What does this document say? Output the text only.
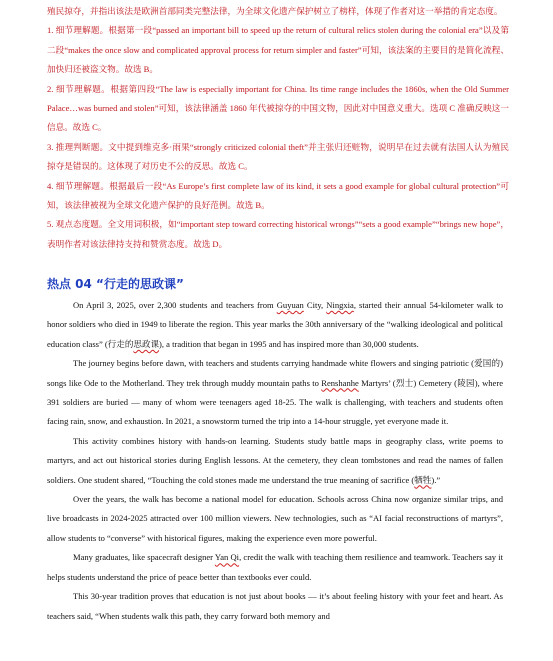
殖民掠夺，并指出该法是欧洲首部同类完整法律，为全球文化遗产保护树立了榜样，体现了作者对这一举措的肯定态度。

1. 细节理解题。根据第一段“passed an important bill to speed up the return of cultural relics stolen during the colonial era”以及第二段“makes the once slow and complicated approval process for return simpler and faster”可知，该法案的主要目的是简化流程、加快归还被盗文物。故选 B。

2. 细节理解题。根据第四段“The law is especially important for China. Its time range includes the 1860s, when the Old Summer Palace…was burned and stolen”可知，该法律涵盖 1860 年代被掠夺的中国文物，因此对中国意义重大。选项 C 准确反映这一信息。故选 C。

3. 推理判断题。文中提到维克多·雨果“strongly criticized colonial theft”并主张归还赃物，说明早在过去就有法国人认为殖民掠夺是错误的。这体现了对历史不公的反思。故选 C。

4. 细节理解题。根据最后一段“As Europe’s first complete law of its kind, it sets a good example for global cultural protection”可知，该法律被视为全球文化遗产保护的良好范例。故选 B。

5. 观点态度题。全文用词积极，如“important step toward correcting historical wrongs”“sets a good example”“brings new hope”，表明作者对该法律持支持和赞赏态度。故选 D。

热点 04 “行走的思政课”

On April 3, 2025, over 2,300 students and teachers from Guyuan City, Ningxia, started their annual 54-kilometer walk to honor soldiers who died in 1949 to liberate the region. This year marks the 30th anniversary of the “walking ideological and political education class” (行走的思政课), a tradition that began in 1995 and has inspired more than 30,000 students.

The journey begins before dawn, with teachers and students carrying handmade white flowers and singing patriotic (爱国的) songs like Ode to the Motherland. They trek through muddy mountain paths to Renshanhe Martyrs’ (烈士) Cemetery (陵园), where 391 soldiers are buried — many of whom were teenagers aged 18-25. The walk is challenging, with teachers and students often facing rain, snow, and exhaustion. In 2021, a snowstorm turned the trip into a 14-hour struggle, yet everyone made it.

This activity combines history with hands-on learning. Students study battle maps in geography class, write poems to martyrs, and act out historical stories during English lessons. At the cemetery, they clean tombstones and read the names of fallen soldiers. One student shared, “Touching the cold stones made me understand the true meaning of sacrifice (牺牲).”

Over the years, the walk has become a national model for education. Schools across China now organize similar trips, and live broadcasts in 2024-2025 attracted over 100 million viewers. New technologies, such as “AI facial reconstructions of martyrs”, allow students to “converse” with historical figures, making the experience even more powerful.

Many graduates, like spacecraft designer Yan Qi, credit the walk with teaching them resilience and teamwork. Teachers say it helps students understand the price of peace better than textbooks ever could.

This 30-year tradition proves that education is not just about books — it’s about feeling history with your feet and heart. As teachers said, “When students walk this path, they carry forward both memory and
